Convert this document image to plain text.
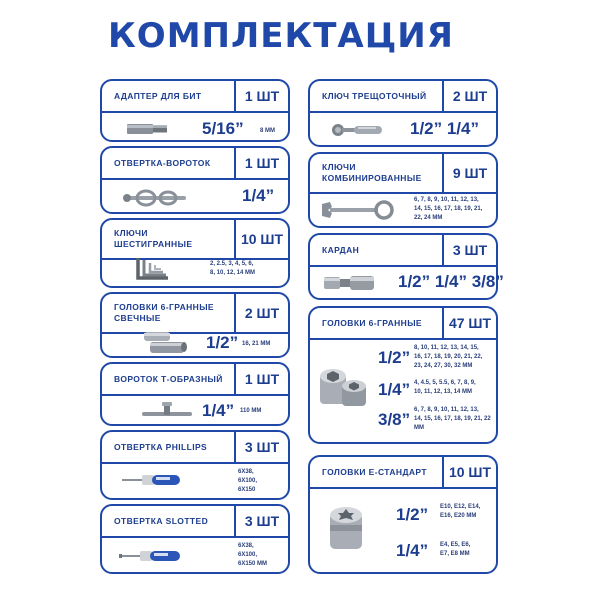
КОМПЛЕКТАЦИЯ
АДАПТЕР ДЛЯ БИТ	1
ШТ
5/16”	8 ММ
ОТВЕРТКА-ВОРОТОК	1
ШТ
1/4”
КЛЮЧИ ШЕСТИГРАННЫЕ	10
ШТ
2, 2.5, 3, 4, 5, 6,
8, 10, 12, 14 ММ
ГОЛОВКИ 6-ГРАННЫЕ СВЕЧНЫЕ	2
ШТ
1/2” 16, 21 ММ
ВОРОТОК Т-ОБРАЗНЫЙ	1
ШТ
1/4” 110 ММ
ОТВЕРТКА PHILLIPS	3
ШТ
6X38,
6X100,
6X150
ОТВЕРТКА SLOTTED	3
ШТ
6X38,
6X100,
6X150 ММ
КЛЮЧ ТРЕЩОТОЧНЫЙ	2
ШТ
1/2” 1/4”
КЛЮЧИ КОМБИНИРОВАННЫЕ	9
ШТ
6, 7, 8, 9, 10, 11, 12, 13,
14, 15, 16, 17, 18, 19, 21,
22, 24 ММ
КАРДАН	3
ШТ
1/2” 1/4” 3/8”
ГОЛОВКИ 6-ГРАННЫЕ	47
ШТ
1/2” 8, 10, 11, 12, 13, 14, 15,
16, 17, 18, 19, 20, 21, 22,
23, 24, 27, 30, 32 ММ
1/4” 4, 4.5, 5, 5.5, 6, 7, 8, 9,
10, 11, 12, 13, 14 ММ
3/8” 6, 7, 8, 9, 10, 11, 12, 13,
14, 15, 16, 17, 18, 19, 21, 22
ММ
ГОЛОВКИ Е-СТАНДАРТ	10
ШТ
1/2” E10, E12, E14,
E16, E20 ММ
1/4” E4, E5, E6,
E7, E8 ММ
